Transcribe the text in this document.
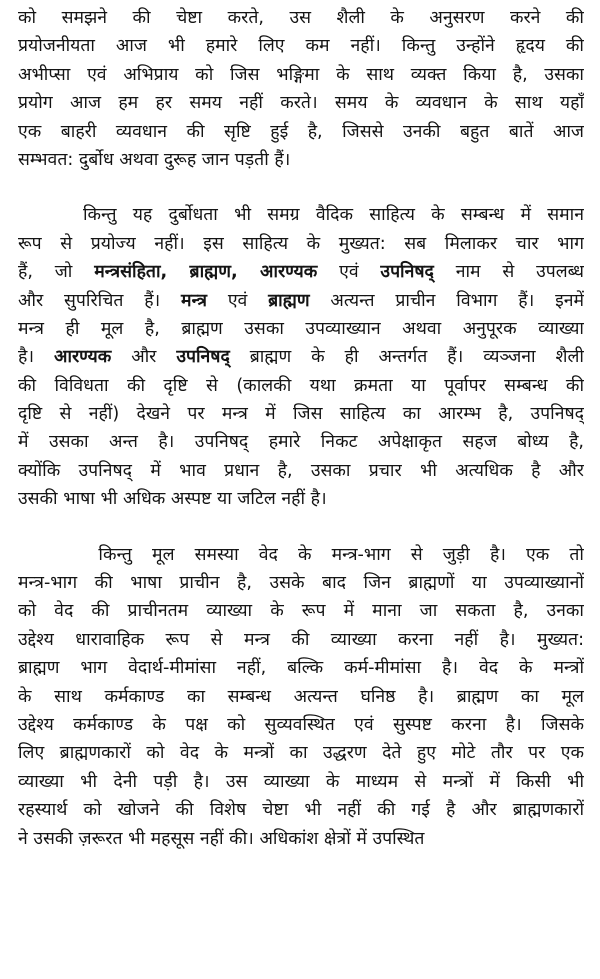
को समझने की चेष्टा करते, उस शैली के अनुसरण करने की
प्रयोजनीयता आज भी हमारे लिए कम नहीं। किन्तु उन्होंने हृदय की
अभीप्सा एवं अभिप्राय को जिस भङ्गिमा के साथ व्यक्त किया है, उसका
प्रयोग आज हम हर समय नहीं करते। समय के व्यवधान के साथ यहाँ
एक बाहरी व्यवधान की सृष्टि हुई है, जिससे उनकी बहुत बातें आज
सम्भवत: दुर्बोध अथवा दुरूह जान पड़ती हैं।

किन्तु यह दुर्बोधता भी समग्र वैदिक साहित्य के सम्बन्ध में समान
रूप से प्रयोज्य नहीं। इस साहित्य के मुख्यत: सब मिलाकर चार भाग
हैं, जो मन्त्रसंहिता, ब्राह्मण, आरण्यक एवं उपनिषद् नाम से उपलब्ध
और सुपरिचित हैं। मन्त्र एवं ब्राह्मण अत्यन्त प्राचीन विभाग हैं। इनमें
मन्त्र ही मूल है, ब्राह्मण उसका उपव्याख्यान अथवा अनुपूरक व्याख्या
है। आरण्यक और उपनिषद् ब्राह्मण के ही अन्तर्गत हैं। व्यञ्जना शैली
की विविधता की दृष्टि से (कालकी यथा क्रमता या पूर्वापर सम्बन्ध की
दृष्टि से नहीं) देखने पर मन्त्र में जिस साहित्य का आरम्भ है, उपनिषद्
में उसका अन्त है। उपनिषद् हमारे निकट अपेक्षाकृत सहज बोध्य है,
क्योंकि उपनिषद् में भाव प्रधान है, उसका प्रचार भी अत्यधिक है और
उसकी भाषा भी अधिक अस्पष्ट या जटिल नहीं है।

किन्तु मूल समस्या वेद के मन्त्र-भाग से जुड़ी है। एक तो
मन्त्र-भाग की भाषा प्राचीन है, उसके बाद जिन ब्राह्मणों या उपव्याख्यानों
को वेद की प्राचीनतम व्याख्या के रूप में माना जा सकता है, उनका
उद्देश्य धारावाहिक रूप से मन्त्र की व्याख्या करना नहीं है। मुख्यत:
ब्राह्मण भाग वेदार्थ-मीमांसा नहीं, बल्कि कर्म-मीमांसा है। वेद के मन्त्रों
के साथ कर्मकाण्ड का सम्बन्ध अत्यन्त घनिष्ठ है। ब्राह्मण का मूल
उद्देश्य कर्मकाण्ड के पक्ष को सुव्यवस्थित एवं सुस्पष्ट करना है। जिसके
लिए ब्राह्मणकारों को वेद के मन्त्रों का उद्धरण देते हुए मोटे तौर पर एक
व्याख्या भी देनी पड़ी है। उस व्याख्या के माध्यम से मन्त्रों में किसी भी
रहस्यार्थ को खोजने की विशेष चेष्टा भी नहीं की गई है और ब्राह्मणकारों
ने उसकी ज़रूरत भी महसूस नहीं की। अधिकांश क्षेत्रों में उपस्थित
